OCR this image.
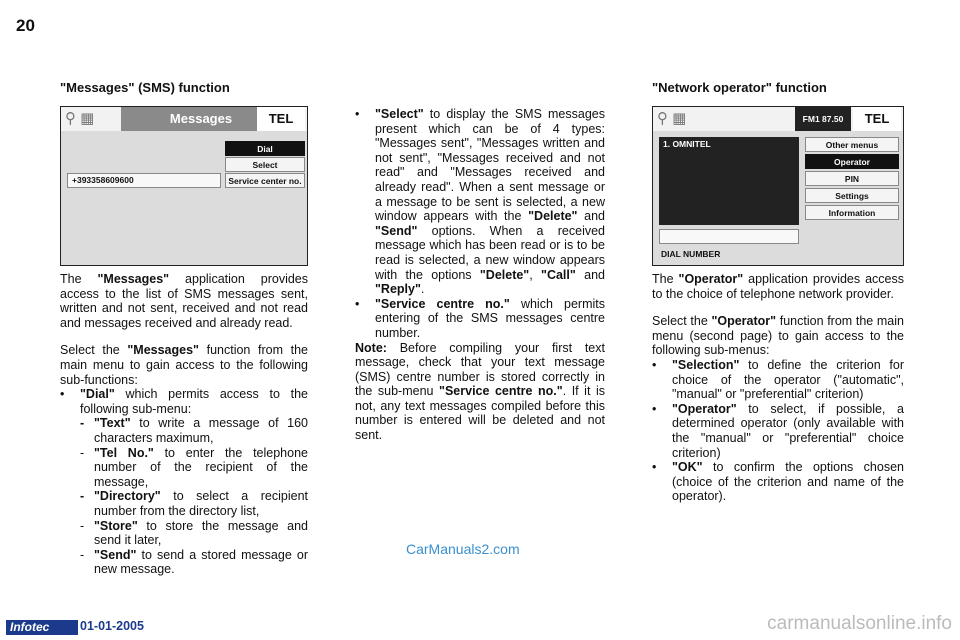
20
"Messages" (SMS) function
⚲ ▦	Messages	TEL
Dial
Select
Service center no.
+393358609600

The "Messages" application provides access to the list of SMS messages sent, written and not sent, received and not read and messages received and already read.

Select the "Messages" function from the main menu to gain access to the following sub-functions:

•	"Dial" which permits access to the following sub-menu:
- "Text" to write a message of 160 characters maximum,
- "Tel No." to enter the telephone number of the recipient of the message,
- "Directory" to select a recipient number from the directory list,
- "Store" to store the message and send it later,
- "Send" to send a stored message or new message.
•	"Select" to display the SMS messages present which can be of 4 types: "Messages sent", "Messages written and not sent", "Messages received and not read" and "Messages received and already read". When a sent message or a message to be sent is selected, a new window appears with the "Delete" and "Send" options. When a received message which has been read or is to be read is selected, a new window appears with the options "Delete", "Call" and "Reply".
•	"Service centre no." which permits entering of the SMS messages centre number.

Note: Before compiling your first text message, check that your text message (SMS) centre number is stored correctly in the sub-menu "Service centre no.". If it is not, any text messages compiled before this number is entered will be deleted and not sent.

"Network operator" function
⚲ ▦	FM1 87.50	TEL
1. OMNITEL	Other menus
Operator
PIN
Settings
Information
DIAL NUMBER

The "Operator" application provides access to the choice of telephone network provider.

Select the "Operator" function from the main menu (second page) to gain access to the following sub-menus:

•	"Selection" to define the criterion for choice of the operator ("automatic", "manual" or "preferential" criterion)
•	"Operator" to select, if possible, a determined operator (only available with the "manual" or "preferential" choice criterion)
•	"OK" to confirm the options chosen (choice of the criterion and name of the operator).
CarManuals2.com
Infotec	01-01-2005	carmanualsonline.info
